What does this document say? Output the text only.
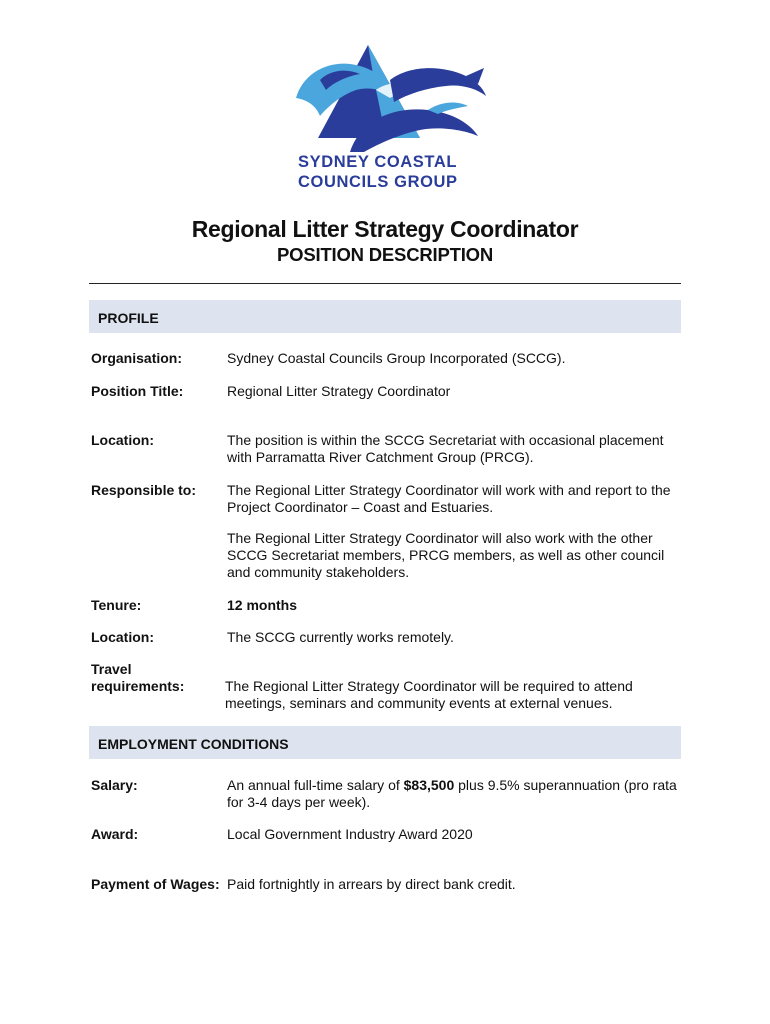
SYDNEY COASTAL
COUNCILS GROUP
Regional Litter Strategy Coordinator
POSITION DESCRIPTION
PROFILE
Organisation:	Sydney Coastal Councils Group Incorporated (SCCG).
Position Title:	Regional Litter Strategy Coordinator
Location:	The position is within the SCCG Secretariat with occasional placement with Parramatta River Catchment Group (PRCG).
Responsible to: The Regional Litter Strategy Coordinator will work with and report to the Project Coordinator – Coast and Estuaries.
The Regional Litter Strategy Coordinator will also work with the other SCCG Secretariat members, PRCG members, as well as other council and community stakeholders.
Tenure:	12 months
Location:	The SCCG currently works remotely.
Travel
requirements:	The Regional Litter Strategy Coordinator will be required to attend meetings, seminars and community events at external venues.
EMPLOYMENT CONDITIONS
Salary:	An annual full-time salary of $83,500 plus 9.5% superannuation (pro rata for 3-4 days per week).
Award:	Local Government Industry Award 2020
Payment of Wages: Paid fortnightly in arrears by direct bank credit.
